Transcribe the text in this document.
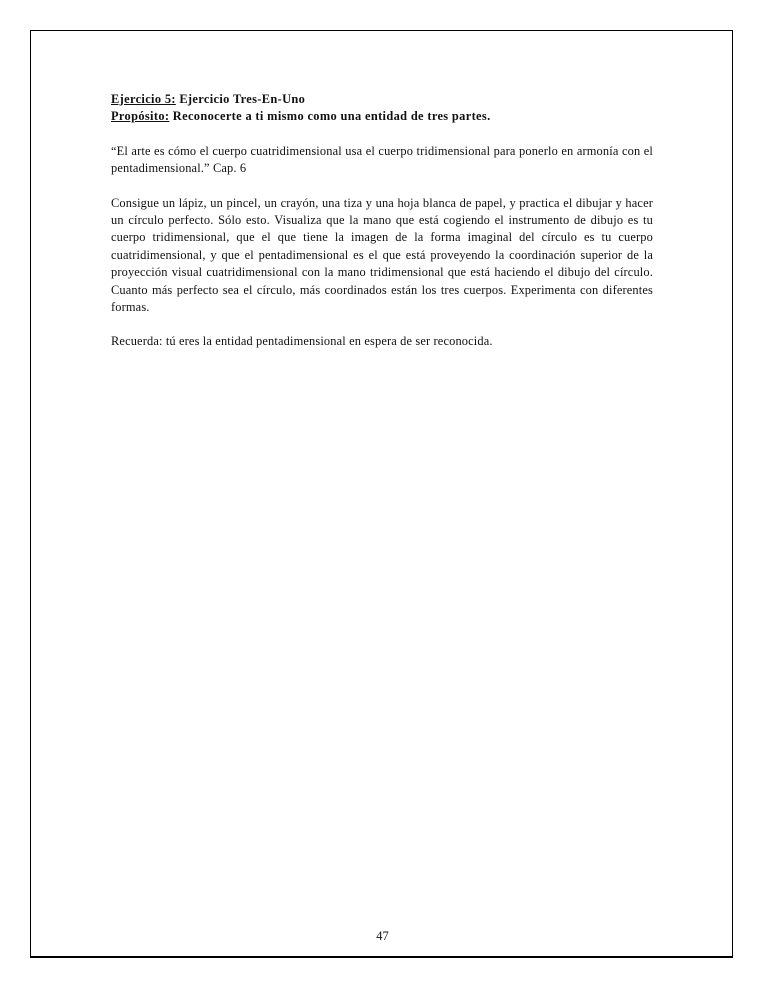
Ejercicio 5: Ejercicio Tres-En-Uno

Propósito: Reconocerte a ti mismo como una entidad de tres partes.

“El arte es cómo el cuerpo cuatridimensional usa el cuerpo tridimensional para ponerlo en armonía con el pentadimensional.” Cap. 6

Consigue un lápiz, un pincel, un crayón, una tiza y una hoja blanca de papel, y practica el dibujar y hacer un círculo perfecto. Sólo esto. Visualiza que la mano que está cogiendo el instrumento de dibujo es tu cuerpo tridimensional, que el que tiene la imagen de la forma imaginal del círculo es tu cuerpo cuatridimensional, y que el pentadimensional es el que está proveyendo la coordinación superior de la proyección visual cuatridimensional con la mano tridimensional que está haciendo el dibujo del círculo. Cuanto más perfecto sea el círculo, más coordinados están los tres cuerpos. Experimenta con diferentes formas.

Recuerda: tú eres la entidad pentadimensional en espera de ser reconocida.

47
